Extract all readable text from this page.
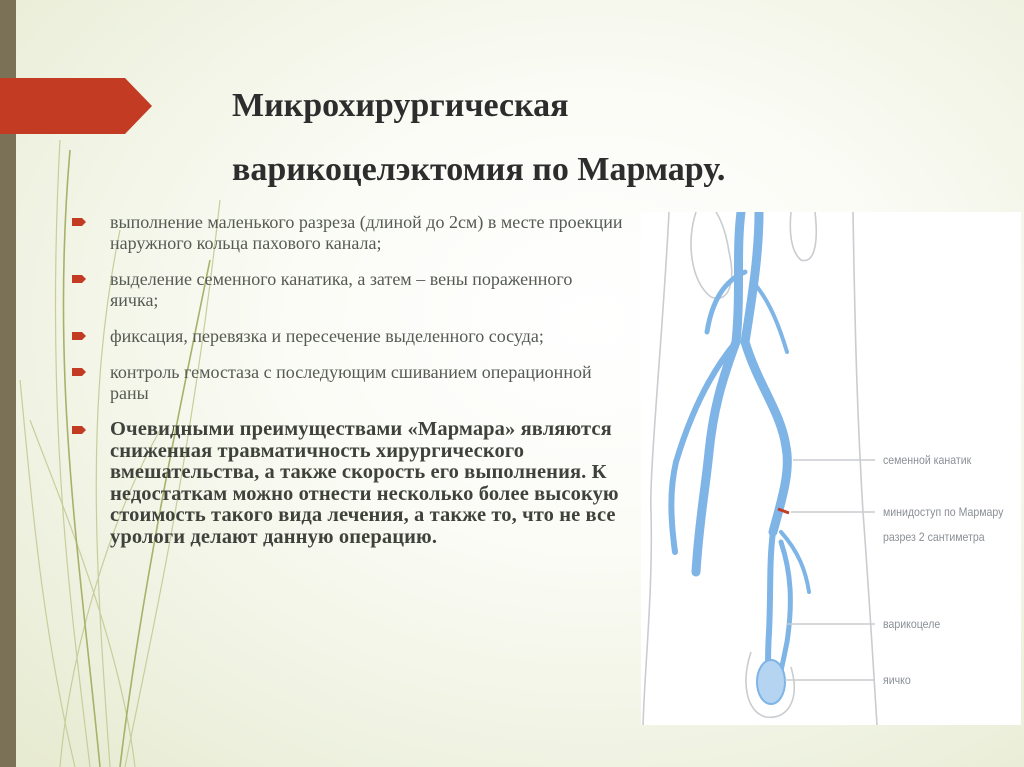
Микрохирургическая
варикоцелэктомия по Мармару.
выполнение маленького разреза (длиной до 2см) в месте проекции наружного кольца пахового канала;
выделение семенного канатика, а затем – вены пораженного яичка;
фиксация, перевязка и пересечение выделенного сосуда;
контроль гемостаза с последующим сшиванием операционной раны
Очевидными преимуществами «Мармара» являются сниженная травматичность хирургического вмешательства, а также скорость его выполнения. К недостаткам можно отнести несколько более высокую стоимость такого вида лечения, а также то, что не все урологи делают данную операцию.
семенной канатик
минидоступ по Мармару
разрез 2 сантиметра
варикоцеле
яичко
